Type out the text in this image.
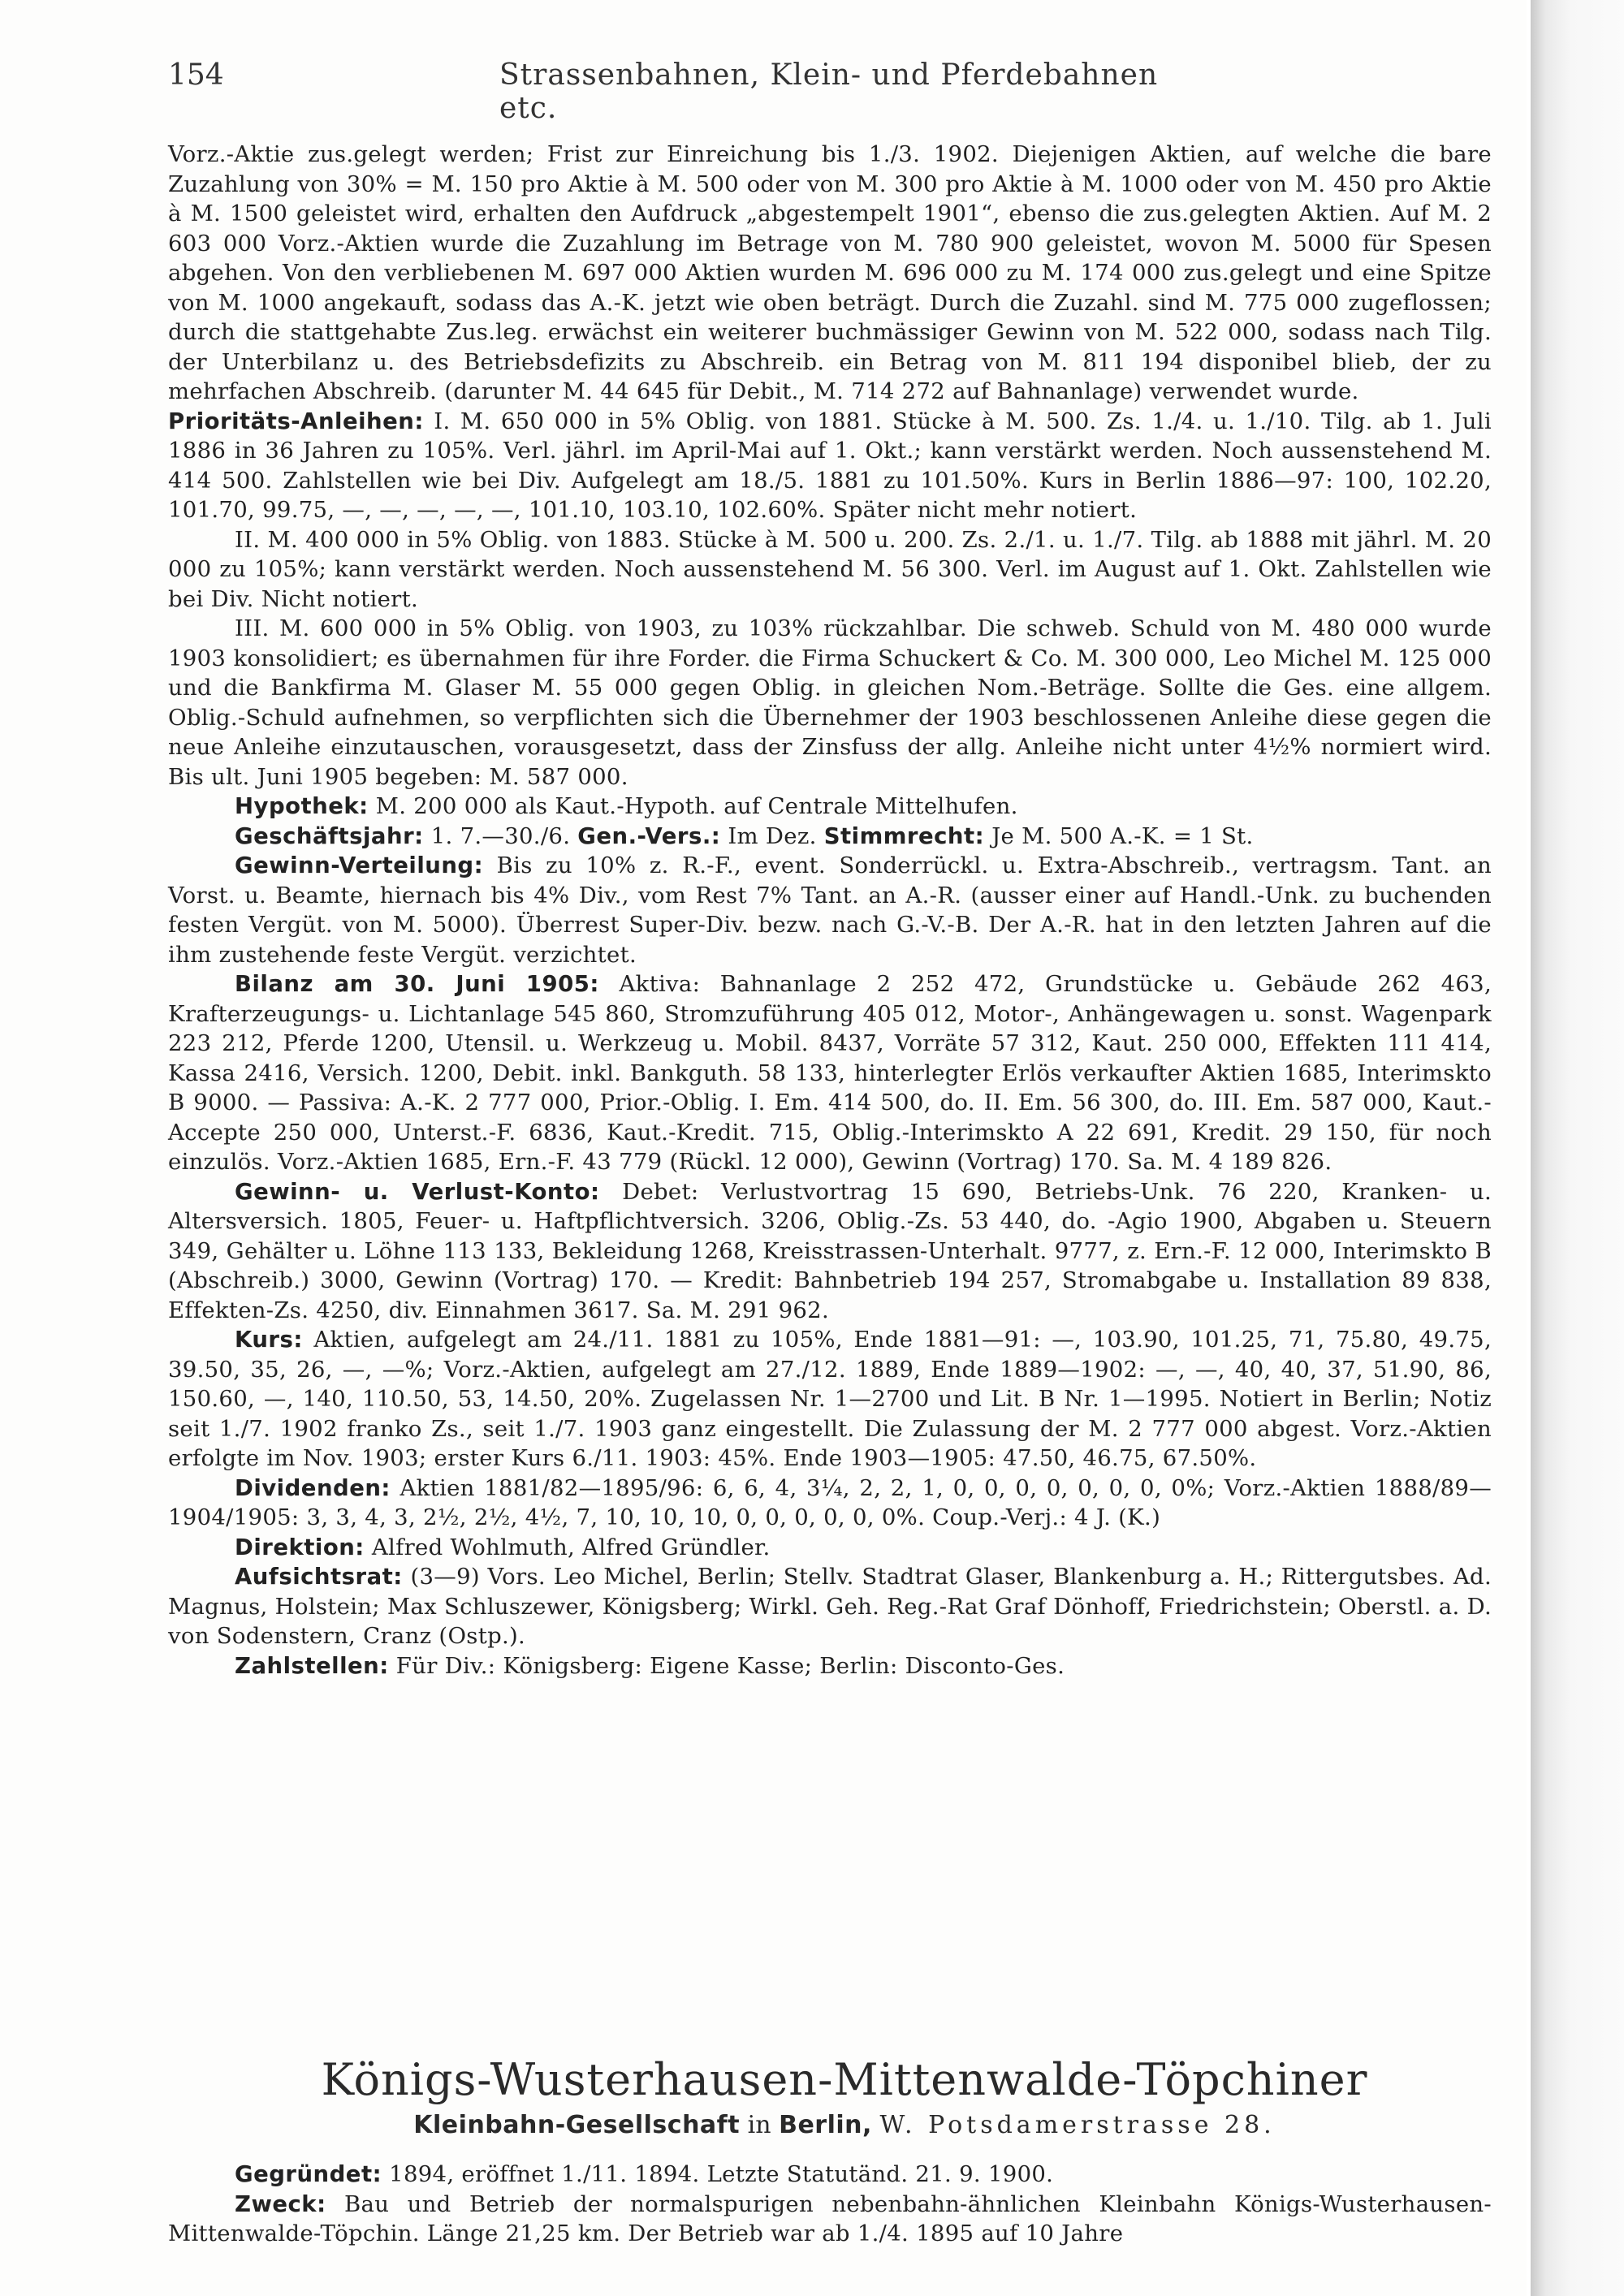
154	Strassenbahnen, Klein- und Pferdebahnen etc.

Vorz.-Aktie zus.gelegt werden; Frist zur Einreichung bis 1./3. 1902. Diejenigen Aktien, auf welche die bare Zuzahlung von 30% = M. 150 pro Aktie à M. 500 oder von M. 300 pro Aktie à M. 1000 oder von M. 450 pro Aktie à M. 1500 geleistet wird, erhalten den Aufdruck „abgestempelt 1901“, ebenso die zus.gelegten Aktien. Auf M. 2 603 000 Vorz.-Aktien wurde die Zuzahlung im Betrage von M. 780 900 geleistet, wovon M. 5000 für Spesen abgehen. Von den verbliebenen M. 697 000 Aktien wurden M. 696 000 zu M. 174 000 zus.gelegt und eine Spitze von M. 1000 angekauft, sodass das A.-K. jetzt wie oben beträgt. Durch die Zuzahl. sind M. 775 000 zugeflossen; durch die stattgehabte Zus.leg. erwächst ein weiterer buchmässiger Gewinn von M. 522 000, sodass nach Tilg. der Unterbilanz u. des Betriebsdefizits zu Abschreib. ein Betrag von M. 811 194 disponibel blieb, der zu mehrfachen Abschreib. (darunter M. 44 645 für Debit., M. 714 272 auf Bahnanlage) verwendet wurde.

Prioritäts-Anleihen: I. M. 650 000 in 5% Oblig. von 1881. Stücke à M. 500. Zs. 1./4. u. 1./10. Tilg. ab 1. Juli 1886 in 36 Jahren zu 105%. Verl. jährl. im April-Mai auf 1. Okt.; kann verstärkt werden. Noch aussenstehend M. 414 500. Zahlstellen wie bei Div. Aufgelegt am 18./5. 1881 zu 101.50%. Kurs in Berlin 1886—97: 100, 102.20, 101.70, 99.75, —, —, —, —, —, 101.10, 103.10, 102.60%. Später nicht mehr notiert.

II. M. 400 000 in 5% Oblig. von 1883. Stücke à M. 500 u. 200. Zs. 2./1. u. 1./7. Tilg. ab 1888 mit jährl. M. 20 000 zu 105%; kann verstärkt werden. Noch aussenstehend M. 56 300. Verl. im August auf 1. Okt. Zahlstellen wie bei Div. Nicht notiert.

III. M. 600 000 in 5% Oblig. von 1903, zu 103% rückzahlbar. Die schweb. Schuld von M. 480 000 wurde 1903 konsolidiert; es übernahmen für ihre Forder. die Firma Schuckert & Co. M. 300 000, Leo Michel M. 125 000 und die Bankfirma M. Glaser M. 55 000 gegen Oblig. in gleichen Nom.-Beträge. Sollte die Ges. eine allgem. Oblig.-Schuld aufnehmen, so verpflichten sich die Übernehmer der 1903 beschlossenen Anleihe diese gegen die neue Anleihe einzutauschen, vorausgesetzt, dass der Zinsfuss der allg. Anleihe nicht unter 4½% normiert wird. Bis ult. Juni 1905 begeben: M. 587 000.

Hypothek: M. 200 000 als Kaut.-Hypoth. auf Centrale Mittelhufen.

Geschäftsjahr: 1. 7.—30./6. Gen.-Vers.: Im Dez. Stimmrecht: Je M. 500 A.-K. = 1 St.

Gewinn-Verteilung: Bis zu 10% z. R.-F., event. Sonderrückl. u. Extra-Abschreib., vertragsm. Tant. an Vorst. u. Beamte, hiernach bis 4% Div., vom Rest 7% Tant. an A.-R. (ausser einer auf Handl.-Unk. zu buchenden festen Vergüt. von M. 5000). Überrest Super-Div. bezw. nach G.-V.-B. Der A.-R. hat in den letzten Jahren auf die ihm zustehende feste Vergüt. verzichtet.

Bilanz am 30. Juni 1905: Aktiva: Bahnanlage 2 252 472, Grundstücke u. Gebäude 262 463, Krafterzeugungs- u. Lichtanlage 545 860, Stromzuführung 405 012, Motor-, Anhängewagen u. sonst. Wagenpark 223 212, Pferde 1200, Utensil. u. Werkzeug u. Mobil. 8437, Vorräte 57 312, Kaut. 250 000, Effekten 111 414, Kassa 2416, Versich. 1200, Debit. inkl. Bankguth. 58 133, hinterlegter Erlös verkaufter Aktien 1685, Interimskto B 9000. — Passiva: A.-K. 2 777 000, Prior.-Oblig. I. Em. 414 500, do. II. Em. 56 300, do. III. Em. 587 000, Kaut.-Accepte 250 000, Unterst.-F. 6836, Kaut.-Kredit. 715, Oblig.-Interimskto A 22 691, Kredit. 29 150, für noch einzulös. Vorz.-Aktien 1685, Ern.-F. 43 779 (Rückl. 12 000), Gewinn (Vortrag) 170. Sa. M. 4 189 826.

Gewinn- u. Verlust-Konto: Debet: Verlustvortrag 15 690, Betriebs-Unk. 76 220, Kranken- u. Altersversich. 1805, Feuer- u. Haftpflichtversich. 3206, Oblig.-Zs. 53 440, do. -Agio 1900, Abgaben u. Steuern 349, Gehälter u. Löhne 113 133, Bekleidung 1268, Kreisstrassen-Unterhalt. 9777, z. Ern.-F. 12 000, Interimskto B (Abschreib.) 3000, Gewinn (Vortrag) 170. — Kredit: Bahnbetrieb 194 257, Stromabgabe u. Installation 89 838, Effekten-Zs. 4250, div. Einnahmen 3617. Sa. M. 291 962.

Kurs: Aktien, aufgelegt am 24./11. 1881 zu 105%, Ende 1881—91: —, 103.90, 101.25, 71, 75.80, 49.75, 39.50, 35, 26, —, —%; Vorz.-Aktien, aufgelegt am 27./12. 1889, Ende 1889—1902: —, —, 40, 40, 37, 51.90, 86, 150.60, —, 140, 110.50, 53, 14.50, 20%. Zugelassen Nr. 1—2700 und Lit. B Nr. 1—1995. Notiert in Berlin; Notiz seit 1./7. 1902 franko Zs., seit 1./7. 1903 ganz eingestellt. Die Zulassung der M. 2 777 000 abgest. Vorz.-Aktien erfolgte im Nov. 1903; erster Kurs 6./11. 1903: 45%. Ende 1903—1905: 47.50, 46.75, 67.50%.

Dividenden: Aktien 1881/82—1895/96: 6, 6, 4, 3¼, 2, 2, 1, 0, 0, 0, 0, 0, 0, 0, 0%; Vorz.-Aktien 1888/89—1904/1905: 3, 3, 4, 3, 2½, 2½, 4½, 7, 10, 10, 10, 0, 0, 0, 0, 0, 0%. Coup.-Verj.: 4 J. (K.)

Direktion: Alfred Wohlmuth, Alfred Gründler.

Aufsichtsrat: (3—9) Vors. Leo Michel, Berlin; Stellv. Stadtrat Glaser, Blankenburg a. H.; Rittergutsbes. Ad. Magnus, Holstein; Max Schluszewer, Königsberg; Wirkl. Geh. Reg.-Rat Graf Dönhoff, Friedrichstein; Oberstl. a. D. von Sodenstern, Cranz (Ostp.).

Zahlstellen: Für Div.: Königsberg: Eigene Kasse; Berlin: Disconto-Ges.

Königs-Wusterhausen-Mittenwalde-Töpchiner
Kleinbahn-Gesellschaft in Berlin, W. Potsdamerstrasse 28.

Gegründet: 1894, eröffnet 1./11. 1894. Letzte Statutänd. 21. 9. 1900.

Zweck: Bau und Betrieb der normalspurigen nebenbahn-ähnlichen Kleinbahn Königs-Wusterhausen-Mittenwalde-Töpchin. Länge 21,25 km. Der Betrieb war ab 1./4. 1895 auf 10 Jahre
